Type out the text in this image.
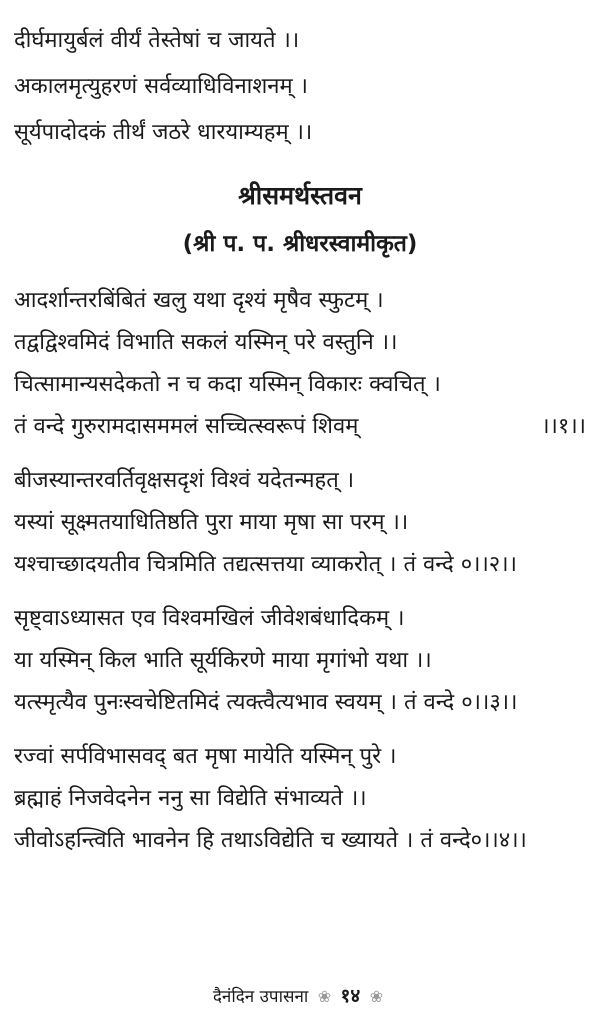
दीर्घमायुर्बलं वीर्यं तेस्तेषां च जायते ।।
अकालमृत्युहरणं सर्वव्याधिविनाशनम् ।
सूर्यपादोदकं तीर्थं जठरे धारयाम्यहम् ।।
श्रीसमर्थस्तवन
(श्री प. प. श्रीधरस्वामीकृत)
आदर्शान्तरबिंबितं खलु यथा दृश्यं मृषैव स्फुटम् ।
तद्वद्विश्वमिदं विभाति सकलं यस्मिन् परे वस्तुनि ।।
चित्सामान्यसदेकतो न च कदा यस्मिन् विकारः क्वचित् ।
तं वन्दे गुरुरामदासममलं सच्चित्स्वरूपं शिवम्	।।१।।
बीजस्यान्तरवर्तिवृक्षसदृशं विश्वं यदेतन्महत् ।
यस्यां सूक्ष्मतयाधितिष्ठति पुरा माया मृषा सा परम् ।।
यश्चाच्छादयतीव चित्रमिति तद्यत्सत्तया व्याकरोत् । तं वन्दे ०।।२।।
सृष्ट्वाऽध्यासत एव विश्वमखिलं जीवेशबंधादिकम् ।
या यस्मिन् किल भाति सूर्यकिरणे माया मृगांभो यथा ।।
यत्स्मृत्यैव पुनःस्वचेष्टितमिदं त्यक्त्वैत्यभाव स्वयम् । तं वन्दे ०।।३।।
रज्वां सर्पविभासवद् बत मृषा मायेति यस्मिन् पुरे ।
ब्रह्माहं निजवेदनेन ननु सा विद्येति संभाव्यते ।।
जीवोऽहन्त्विति भावनेन हि तथाऽविद्येति च ख्यायते । तं वन्दे०।।४।।
दैनंदिन उपासना ❀ १४ ❀
